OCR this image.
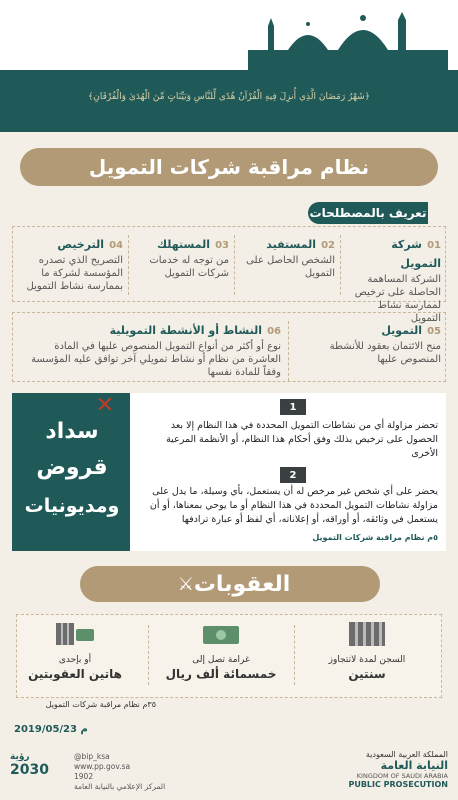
﴿شَهْرُ رَمَضَانَ الَّذِي أُنزِلَ فِيهِ الْقُرْآنُ هُدًى لِّلنَّاسِ وَبَيِّنَاتٍ مِّنَ الْهُدَىٰ وَالْفُرْقَانِ﴾
نظام مراقبة شركات التمويل
تعريف بالمصطلحات
01 شركة التمويل
الشركة المساهمة الحاصلة على ترخيص لممارسة نشاط التمويل
02 المستفيد
الشخص الحاصل على التمويل
03 المستهلك
من توجه له خدمات شركات التمويل
04 الترخيص
التصريح الذي تصدره المؤسسة لشركة ما بممارسة نشاط التمويل
05 التمويل
منح الائتمان بعقود للأنشطة المنصوص عليها
06 النشاط أو الأنشطة التمويلية
نوع أو أكثر من أنواع التمويل المنصوص عليها في المادة العاشرة من نظام أو نشاط تمويلي آخر توافق عليه المؤسسة وفقاً للمادة نفسها
✕
سداد
قروض
ومديونيات
1
تحضر مزاولة أي من نشاطات التمويل المحددة في هذا النظام إلا بعد الحصول على ترخيص بذلك وفق أحكام هذا النظام، أو الأنظمة المرعية الأخرى
2
يحضر على أي شخص غير مرخص له أن يستعمل، بأي وسيلة، ما يدل على مزاولة نشاطات التمويل المحددة في هذا النظام أو ما يوحي بمعناها، أو أن يستعمل في وثائقه، أو أوراقه، أو إعلاناته، أي لفظ أو عبارة ترادفها
٥م نظام مراقبة شركات التمويل
العقوبات
⚔
السجن لمدة لاتتجاوز
سنتين
غرامة تصل إلى
خمسمائة ألف ريال
أو بإحدى
هاتين العقوبتين
٣٥م نظام مراقبة شركات التمويل
2019/05/23 م
رؤية
2030
@bip_ksa
www.pp.gov.sa
1902
المركز الإعلامي بالنيابة العامة
المملكة العربية السعودية
النيابة العامة
KINGDOM OF SAUDI ARABIA
PUBLIC PROSECUTION
